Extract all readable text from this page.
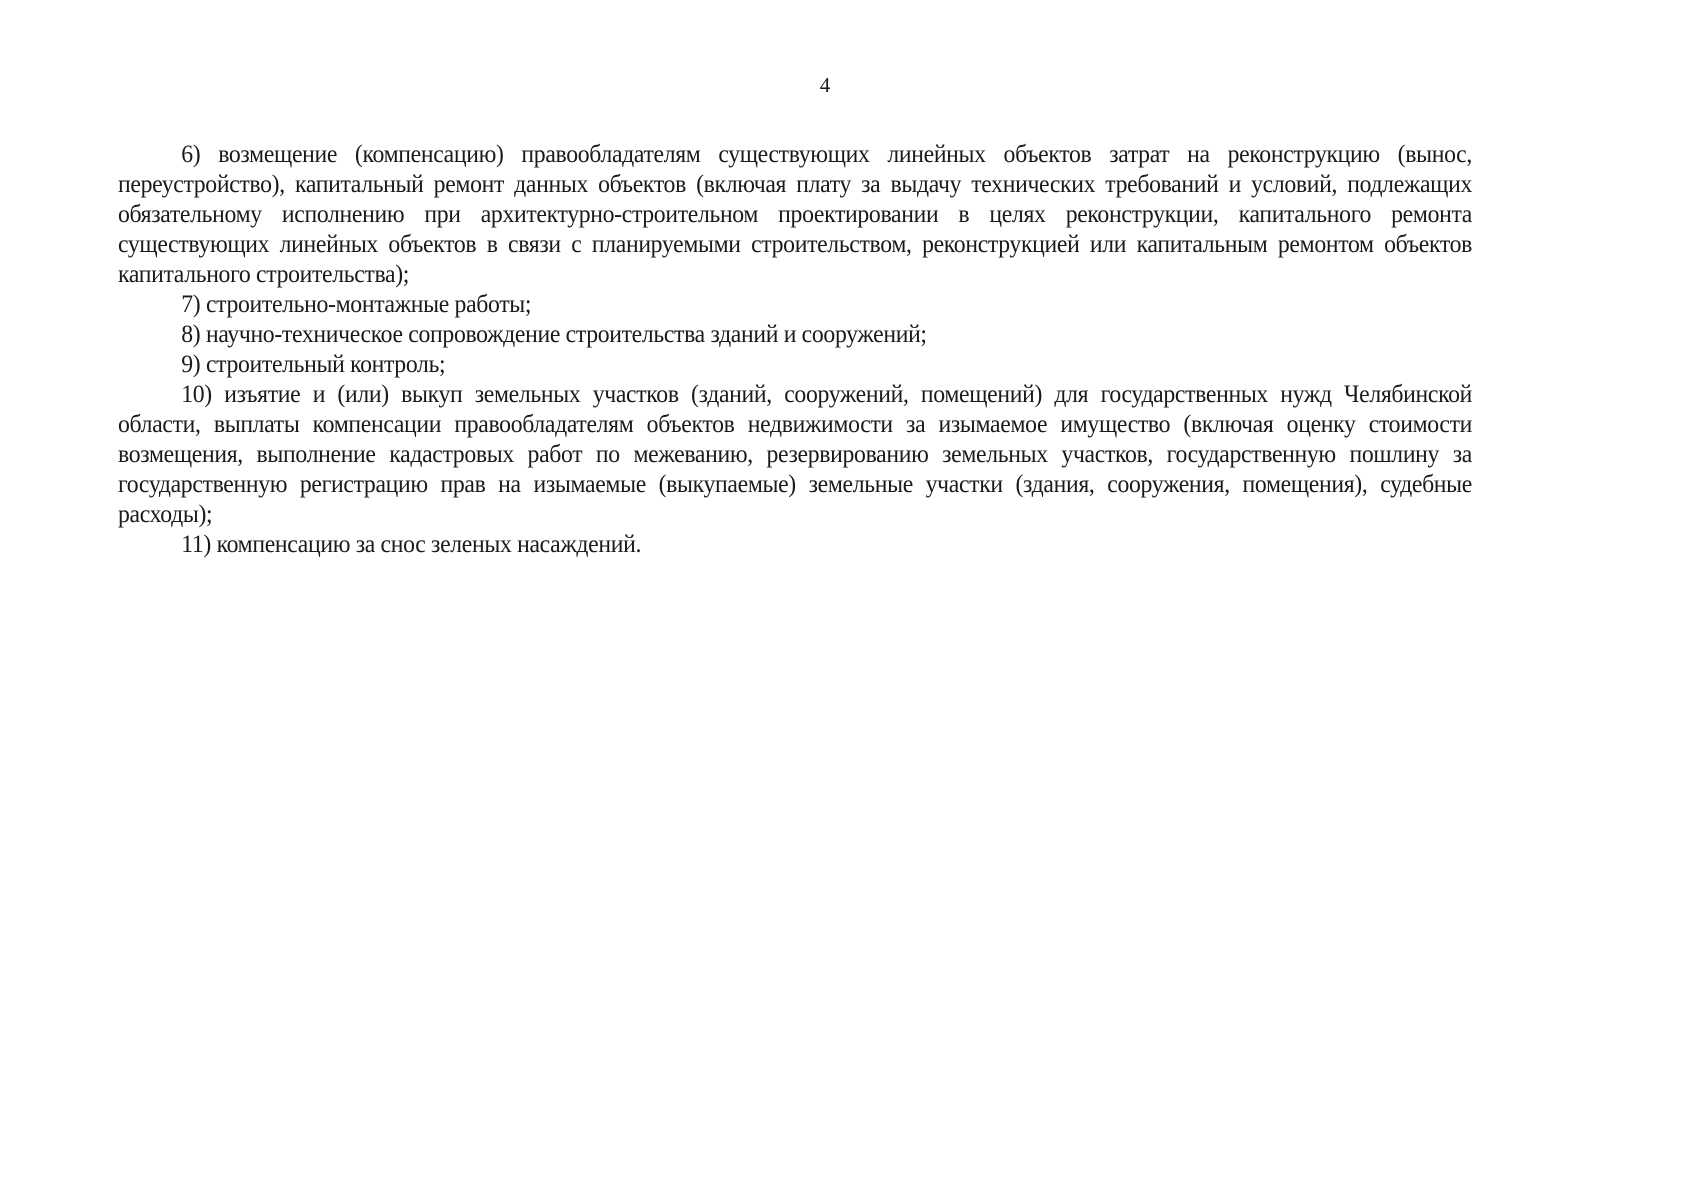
4

6) возмещение (компенсацию) правообладателям существующих линейных объектов затрат на реконструкцию (вынос, переустройство), капитальный ремонт данных объектов (включая плату за выдачу технических требований и условий, подлежащих обязательному исполнению при архитектурно-строительном проектировании в целях реконструкции, капитального ремонта существующих линейных объектов в связи с планируемыми строительством, реконструкцией или капитальным ремонтом объектов капитального строительства);

7) строительно-монтажные работы;

8) научно-техническое сопровождение строительства зданий и сооружений;

9) строительный контроль;

10) изъятие и (или) выкуп земельных участков (зданий, сооружений, помещений) для государственных нужд Челябинской области, выплаты компенсации правообладателям объектов недвижимости за изымаемое имущество (включая оценку стоимости возмещения, выполнение кадастровых работ по межеванию, резервированию земельных участков, государственную пошлину за государственную регистрацию прав на изымаемые (выкупаемые) земельные участки (здания, сооружения, помещения), судебные расходы);

11) компенсацию за снос зеленых насаждений.
